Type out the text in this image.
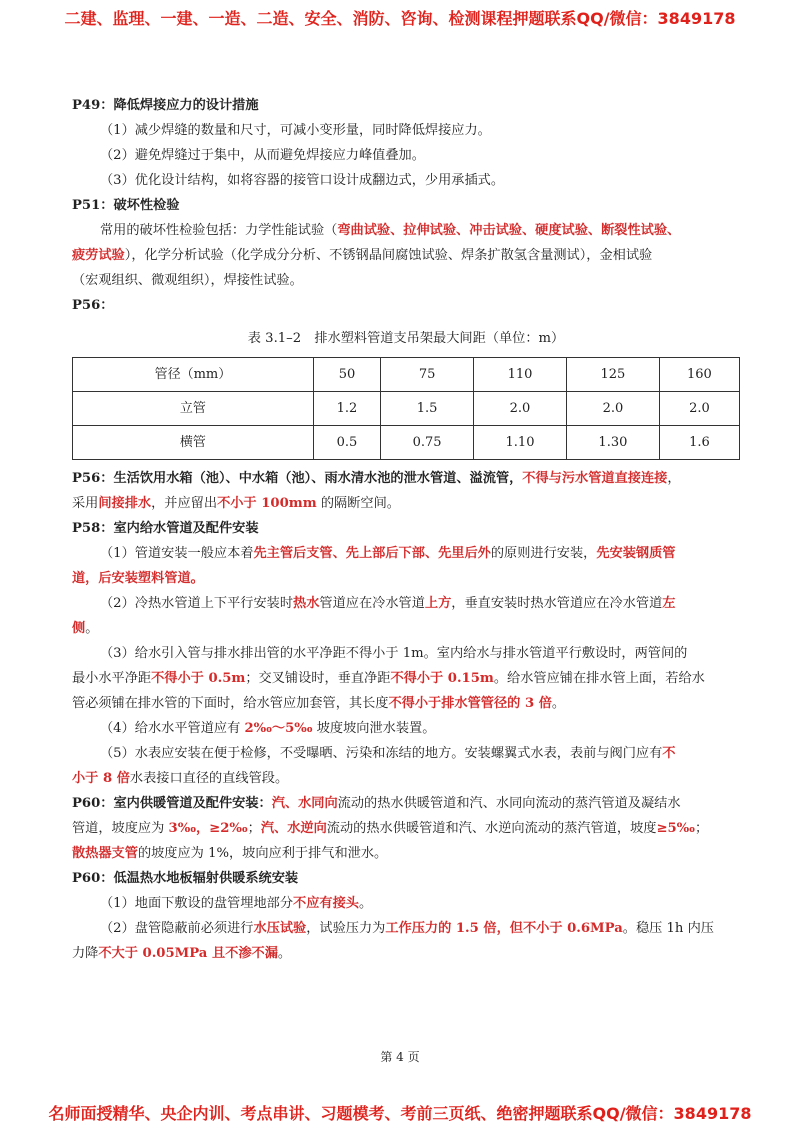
二建、监理、一建、一造、二造、安全、消防、咨询、检测课程押题联系QQ/微信：3849178
P49：降低焊接应力的设计措施
（1）减少焊缝的数量和尺寸，可减小变形量，同时降低焊接应力。
（2）避免焊缝过于集中，从而避免焊接应力峰值叠加。
（3）优化设计结构，如将容器的接管口设计成翻边式，少用承插式。
P51：破坏性检验
常用的破坏性检验包括：力学性能试验（弯曲试验、拉伸试验、冲击试验、硬度试验、断裂性试验、
疲劳试验），化学分析试验（化学成分分析、不锈钢晶间腐蚀试验、焊条扩散氢含量测试），金相试验
（宏观组织、微观组织），焊接性试验。
P56：
表 3.1–2　排水塑料管道支吊架最大间距（单位：m）
管径（mm）	50	75	110	125	160
立管	1.2	1.5	2.0	2.0	2.0
横管	0.5	0.75	1.10	1.30	1.6
P56：生活饮用水箱（池）、中水箱（池）、雨水清水池的泄水管道、溢流管，不得与污水管道直接连接，
采用间接排水，并应留出不小于 100mm 的隔断空间。
P58：室内给水管道及配件安装
（1）管道安装一般应本着先主管后支管、先上部后下部、先里后外的原则进行安装，先安装钢质管
道，后安装塑料管道。
（2）冷热水管道上下平行安装时热水管道应在冷水管道上方，垂直安装时热水管道应在冷水管道左
侧。
（3）给水引入管与排水排出管的水平净距不得小于 1m。室内给水与排水管道平行敷设时，两管间的
最小水平净距不得小于 0.5m；交叉铺设时，垂直净距不得小于 0.15m。给水管应铺在排水管上面，若给水
管必须铺在排水管的下面时，给水管应加套管，其长度不得小于排水管管径的 3 倍。
（4）给水水平管道应有 2‰～5‰ 坡度坡向泄水装置。
（5）水表应安装在便于检修，不受曝晒、污染和冻结的地方。安装螺翼式水表，表前与阀门应有不
小于 8 倍水表接口直径的直线管段。
P60：室内供暖管道及配件安装：汽、水同向流动的热水供暖管道和汽、水同向流动的蒸汽管道及凝结水
管道，坡度应为 3‰，≥2‰；汽、水逆向流动的热水供暖管道和汽、水逆向流动的蒸汽管道，坡度≥5‰；
散热器支管的坡度应为 1%，坡向应利于排气和泄水。
P60：低温热水地板辐射供暖系统安装
（1）地面下敷设的盘管埋地部分不应有接头。
（2）盘管隐蔽前必须进行水压试验，试验压力为工作压力的 1.5 倍，但不小于 0.6MPa。稳压 1h 内压
力降不大于 0.05MPa 且不渗不漏。
第 4 页
名师面授精华、央企内训、考点串讲、习题模考、考前三页纸、绝密押题联系QQ/微信：3849178
